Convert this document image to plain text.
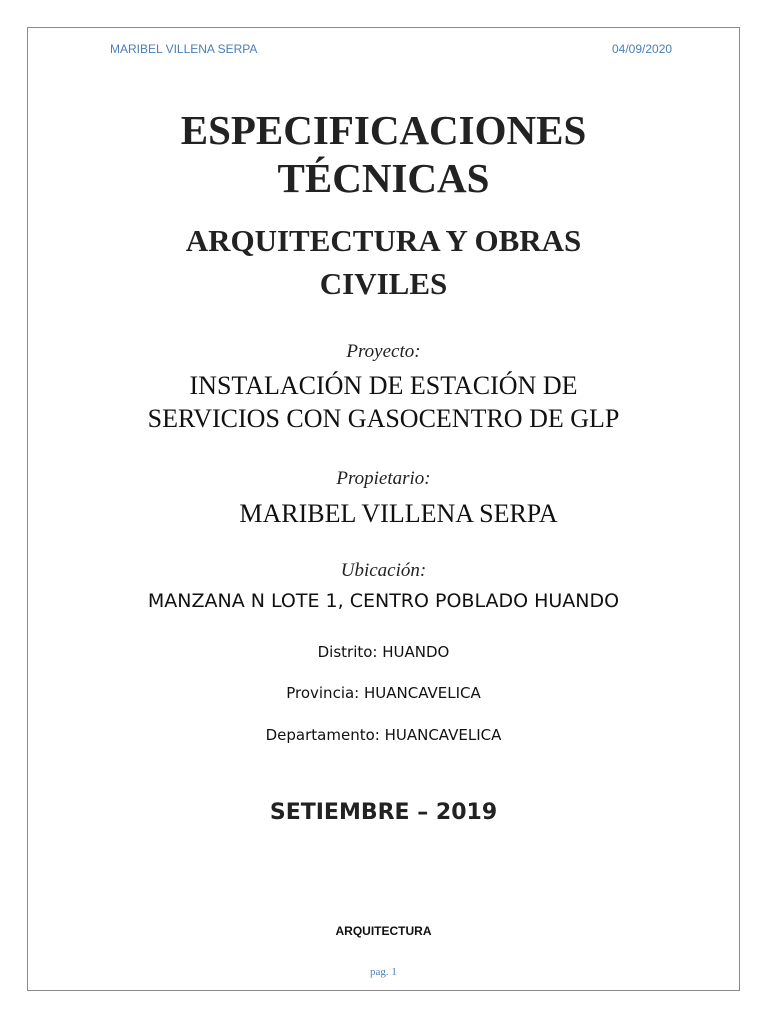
MARIBEL VILLENA SERPA	04/09/2020
ESPECIFICACIONES
TÉCNICAS
ARQUITECTURA Y OBRAS
CIVILES
Proyecto:
INSTALACIÓN DE ESTACIÓN DE
SERVICIOS CON GASOCENTRO DE GLP
Propietario:
MARIBEL VILLENA SERPA
Ubicación:
MANZANA N LOTE 1, CENTRO POBLADO HUANDO
Distrito: HUANDO
Provincia: HUANCAVELICA
Departamento: HUANCAVELICA
SETIEMBRE – 2019
ARQUITECTURA
pag. 1
